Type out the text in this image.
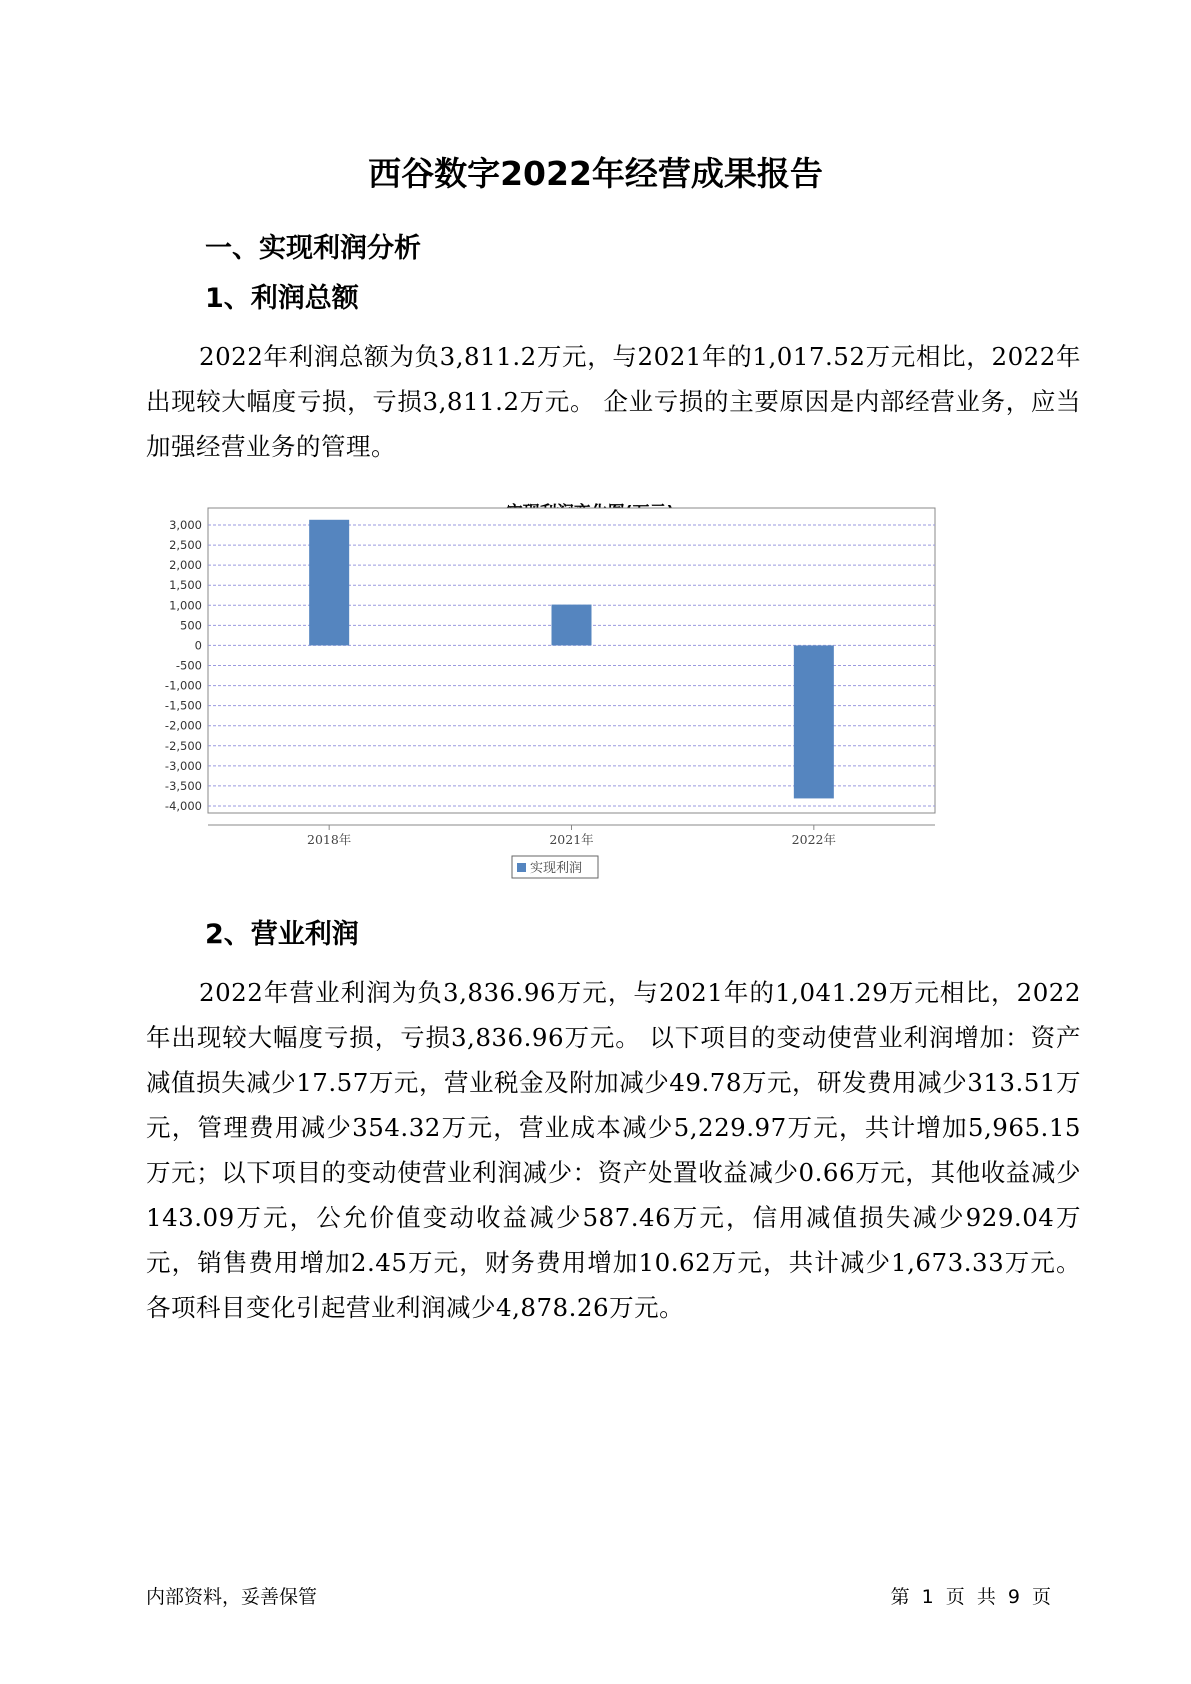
西谷数字2022年经营成果报告
一、实现利润分析
1、利润总额
2022年利润总额为负3,811.2万元，与2021年的1,017.52万元相比，2022年出现较大幅度亏损，亏损3,811.2万元。 企业亏损的主要原因是内部经营业务，应当加强经营业务的管理。
3,000
2,500
2,000
1,500
1,000
500
0
-500
-1,000
-1,500
-2,000
-2,500
-3,000
-3,500
-4,000
2018年	2021年	2022年
实现利润
2、营业利润
2022年营业利润为负3,836.96万元，与2021年的1,041.29万元相比，2022年出现较大幅度亏损，亏损3,836.96万元。 以下项目的变动使营业利润增加：资产减值损失减少17.57万元，营业税金及附加减少49.78万元，研发费用减少313.51万元，管理费用减少354.32万元，营业成本减少5,229.97万元，共计增加5,965.15万元；以下项目的变动使营业利润减少：资产处置收益减少0.66万元，其他收益减少143.09万元，公允价值变动收益减少587.46万元，信用减值损失减少929.04万元，销售费用增加2.45万元，财务费用增加10.62万元，共计减少1,673.33万元。各项科目变化引起营业利润减少4,878.26万元。
内部资料，妥善保管	第 1 页 共 9 页
